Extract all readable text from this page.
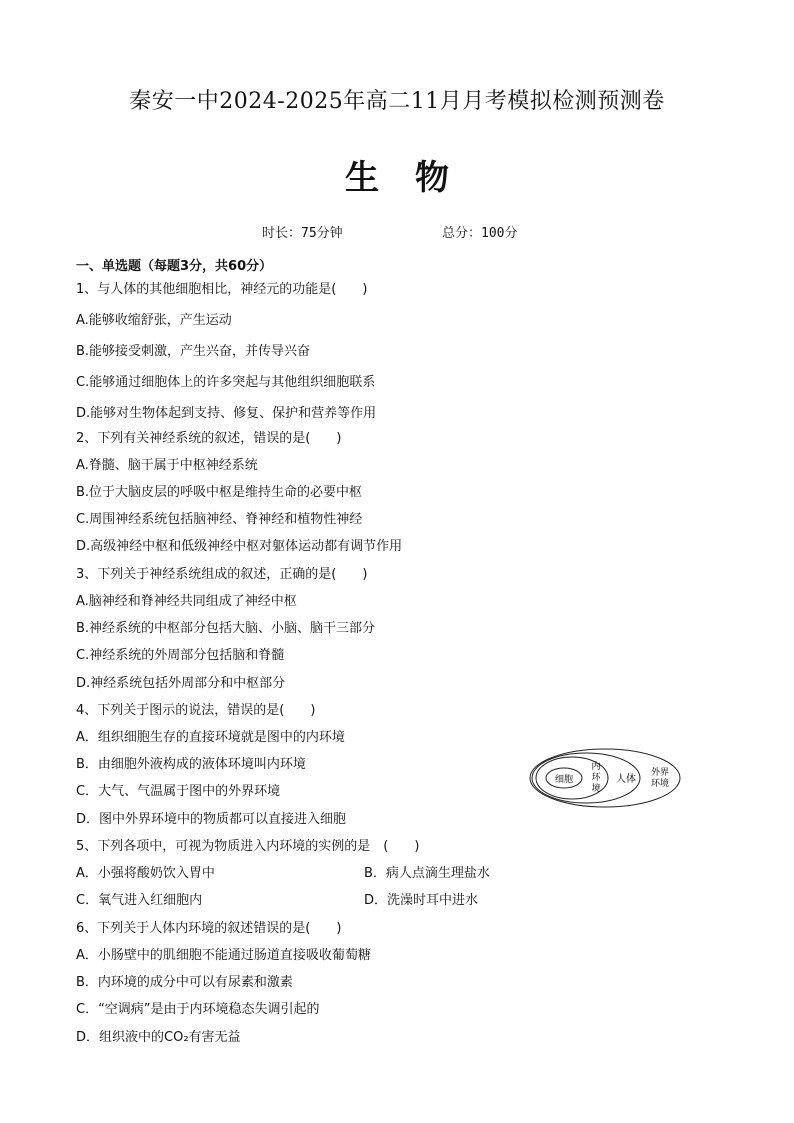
秦安一中2024-2025年高二11月月考模拟检测预测卷
生物
时长：75分钟	总分：100分
一、单选题（每题3分，共60分）
1、与人体的其他细胞相比，神经元的功能是(　　)
A.能够收缩舒张，产生运动
B.能够接受刺激，产生兴奋，并传导兴奋
C.能够通过细胞体上的许多突起与其他组织细胞联系
D.能够对生物体起到支持、修复、保护和营养等作用
2、下列有关神经系统的叙述，错误的是(　　)
A.脊髓、脑干属于中枢神经系统
B.位于大脑皮层的呼吸中枢是维持生命的必要中枢
C.周围神经系统包括脑神经、脊神经和植物性神经
D.高级神经中枢和低级神经中枢对躯体运动都有调节作用
3、下列关于神经系统组成的叙述，正确的是(　　)
A.脑神经和脊神经共同组成了神经中枢
B.神经系统的中枢部分包括大脑、小脑、脑干三部分
C.神经系统的外周部分包括脑和脊髓
D.神经系统包括外周部分和中枢部分
4、下列关于图示的说法，错误的是(　　)
A．组织细胞生存的直接环境就是图中的内环境
B．由细胞外液构成的液体环境叫内环境
C．大气、气温属于图中的外界环境
D．图中外界环境中的物质都可以直接进入细胞
细胞
内
环
境
人体
外界
环境
5、下列各项中，可视为物质进入内环境的实例的是　(　　)
A．小强将酸奶饮入胃中	B．病人点滴生理盐水
C．氧气进入红细胞内	D．洗澡时耳中进水
6、下列关于人体内环境的叙述错误的是(　　)
A．小肠壁中的肌细胞不能通过肠道直接吸收葡萄糖
B．内环境的成分中可以有尿素和激素
C．“空调病”是由于内环境稳态失调引起的
D．组织液中的CO₂有害无益
